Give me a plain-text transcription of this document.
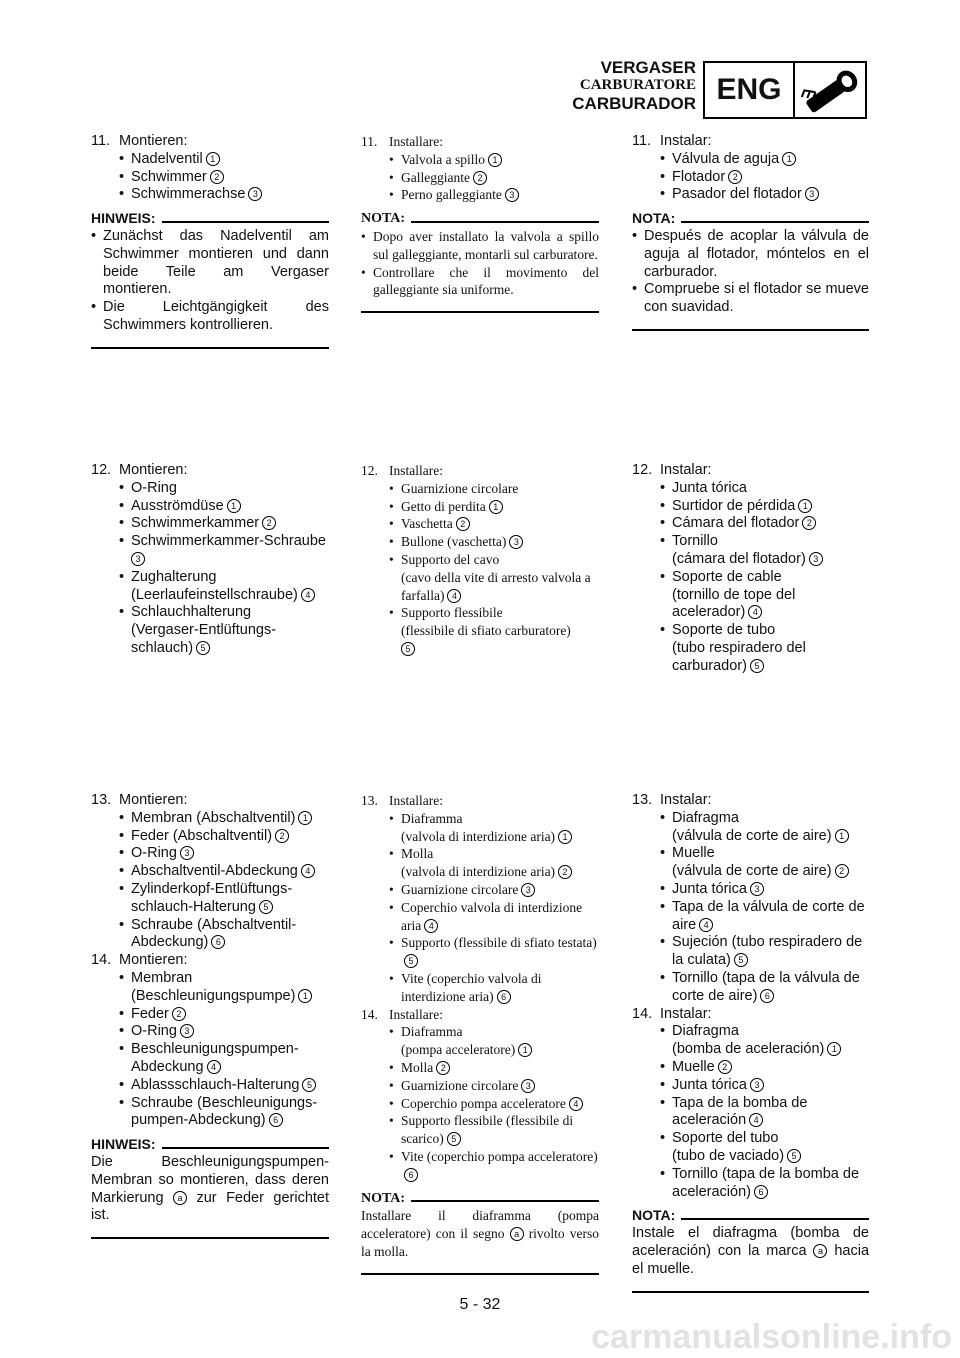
VERGASER
CARBURATORE
CARBURADOR ENG
11. Montieren:
• Nadelventil 1
• Schwimmer 2
• Schwimmerachse 3
HINWEIS:
• Zunächst das Nadelventil am Schwimmer montieren und dann beide Teile am Vergaser montieren.
• Die Leichtgängigkeit des Schwimmers kontrollieren.
12. Montieren:
• O-Ring
• Ausströmdüse 1
• Schwimmerkammer 2
• Schwimmerkammer-Schraube
3
• Zughalterung
(Leerlaufeinstellschraube) 4
• Schlauchhalterung
(Vergaser-Entlüftungs-
schlauch) 5
13. Montieren:
• Membran (Abschaltventil) 1
• Feder (Abschaltventil) 2
• O-Ring 3
• Abschaltventil-Abdeckung 4
• Zylinderkopf-Entlüftungs-
schlauch-Halterung 5
• Schraube (Abschaltventil-
Abdeckung) 6
14. Montieren:
• Membran
(Beschleunigungspumpe) 1
• Feder 2
• O-Ring 3
• Beschleunigungspumpen-
Abdeckung 4
• Ablassschlauch-Halterung 5
• Schraube (Beschleunigungs-
pumpen-Abdeckung) 6
HINWEIS:

Die Beschleunigungspumpen-Membran so montieren, dass deren Markierung a zur Feder gerichtet ist.

11. Installare:
• Valvola a spillo 1
• Galleggiante 2
• Perno galleggiante 3
NOTA:
• Dopo aver installato la valvola a spillo sul galleggiante, montarli sul carburatore.
• Controllare che il movimento del galleggiante sia uniforme.
12. Installare:
• Guarnizione circolare
• Getto di perdita 1
• Vaschetta 2
• Bullone (vaschetta) 3
• Supporto del cavo
(cavo della vite di arresto valvola a farfalla) 4
• Supporto flessibile
(flessibile di sfiato carburatore)
5
13. Installare:
• Diaframma
(valvola di interdizione aria) 1
• Molla
(valvola di interdizione aria) 2
• Guarnizione circolare 3
• Coperchio valvola di interdizione aria 4
• Supporto (flessibile di sfiato testata)5
• Vite (coperchio valvola di interdizione aria) 6
14. Installare:
• Diaframma
(pompa acceleratore) 1
• Molla 2
• Guarnizione circolare 3
• Coperchio pompa acceleratore 4
• Supporto flessibile (flessibile di scarico) 5
• Vite (coperchio pompa acceleratore)6
NOTA:

Installare il diaframma (pompa acceleratore) con il segno a rivolto verso la molla.

11. Instalar:
• Válvula de aguja 1
• Flotador 2
• Pasador del flotador 3
NOTA:
• Después de acoplar la válvula de aguja al flotador, móntelos en el carburador.
• Compruebe si el flotador se mueve con suavidad.
12. Instalar:
• Junta tórica
• Surtidor de pérdida 1
• Cámara del flotador 2
• Tornillo
(cámara del flotador) 3
• Soporte de cable
(tornillo de tope del acelerador) 4
• Soporte de tubo
(tubo respiradero del carburador) 5
13. Instalar:
• Diafragma
(válvula de corte de aire) 1
• Muelle
(válvula de corte de aire) 2
• Junta tórica 3
• Tapa de la válvula de corte de aire 4
• Sujeción (tubo respiradero de la culata) 5
• Tornillo (tapa de la válvula de corte de aire) 6
14. Instalar:
• Diafragma
(bomba de aceleración) 1
• Muelle 2
• Junta tórica 3
• Tapa de la bomba de aceleración 4
• Soporte del tubo
(tubo de vaciado) 5
• Tornillo (tapa de la bomba de aceleración) 6
NOTA:

Instale el diafragma (bomba de aceleración) con la marca a hacia el muelle.

5 - 32
carmanualsonline.info
